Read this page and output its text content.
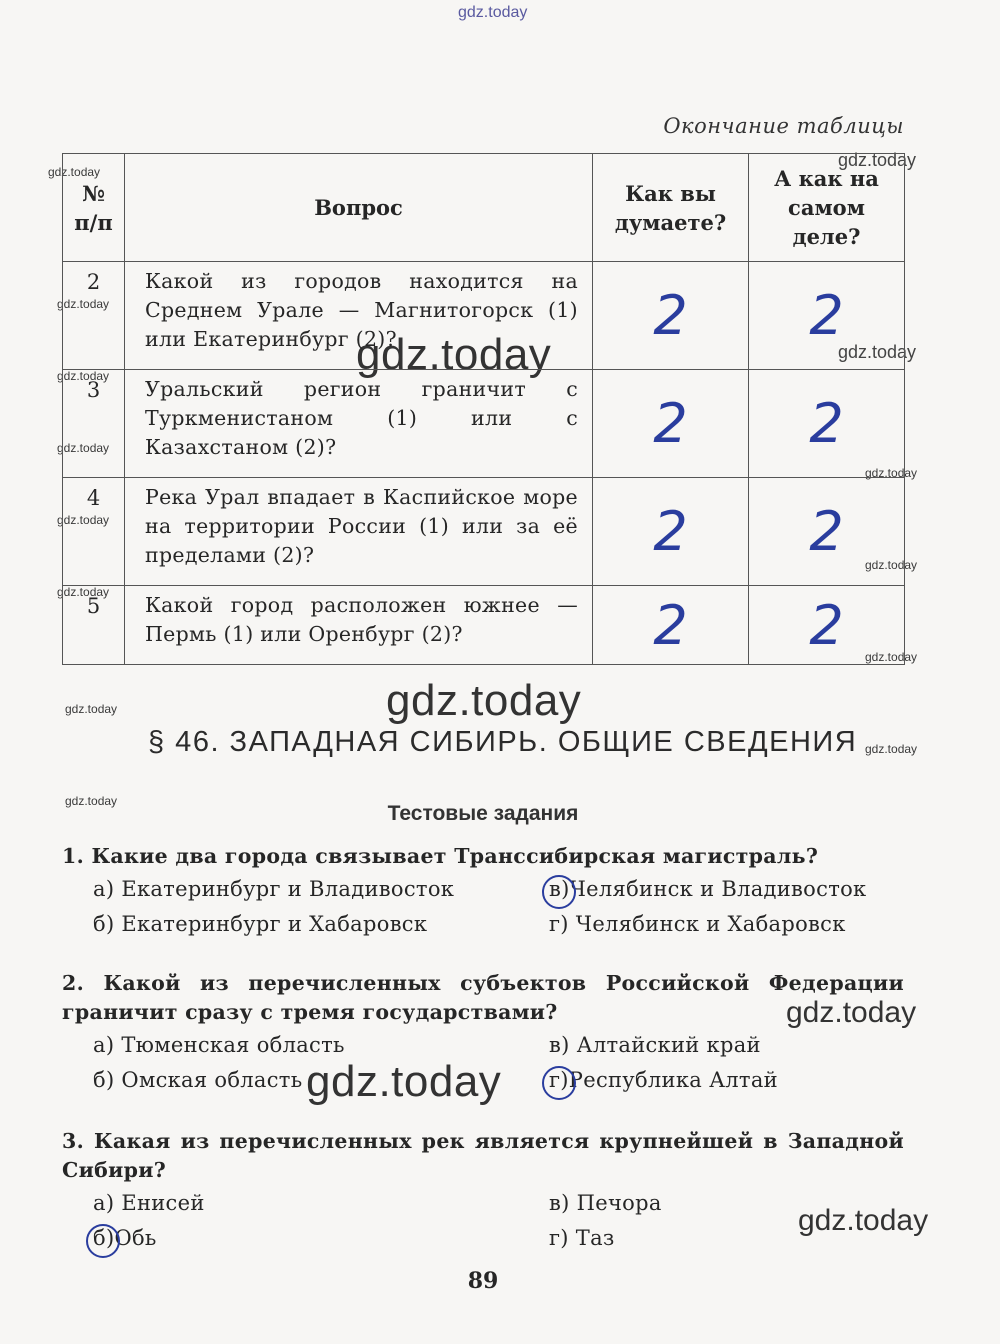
gdz.today
gdz.today
gdz.today
gdz.today
gdz.today	gdz.today
gdz.today
gdz.today
gdz.today
gdz.today
gdz.today
gdz.today
gdz.today
gdz.today
gdz.today
gdz.today
gdz.today
gdz.today
gdz.today
gdz.today
Окончание таблицы
№
п/п	Вопрос	Как вы думаете?	А как на самом деле?
2	Какой из городов находится на Среднем Урале — Магнитогорск (1) или Екатеринбург (2)?	2	2
3	Уральский регион граничит с Туркменистаном (1) или с Казахстаном (2)?	2	2
4	Река Урал впадает в Каспийское море на территории России (1) или за её пределами (2)?	2	2
5	Какой город расположен южнее — Пермь (1) или Оренбург (2)?	2	2
§ 46. ЗАПАДНАЯ СИБИРЬ. ОБЩИЕ СВЕДЕНИЯ
Тестовые задания
1. Какие два города связывает Транссибирская магистраль?
а) Екатеринбург и Владивосток	в)Челябинск и Владивосток
б) Екатеринбург и Хабаровск	г) Челябинск и Хабаровск
2. Какой из перечисленных субъектов Российской Федерации граничит сразу с тремя государствами?
а) Тюменская область	в) Алтайский край
б) Омская область	г)Республика Алтай
3. Какая из перечисленных рек является крупнейшей в Западной Сибири?
а) Енисей	в) Печора
б)Обь	г) Таз
89
